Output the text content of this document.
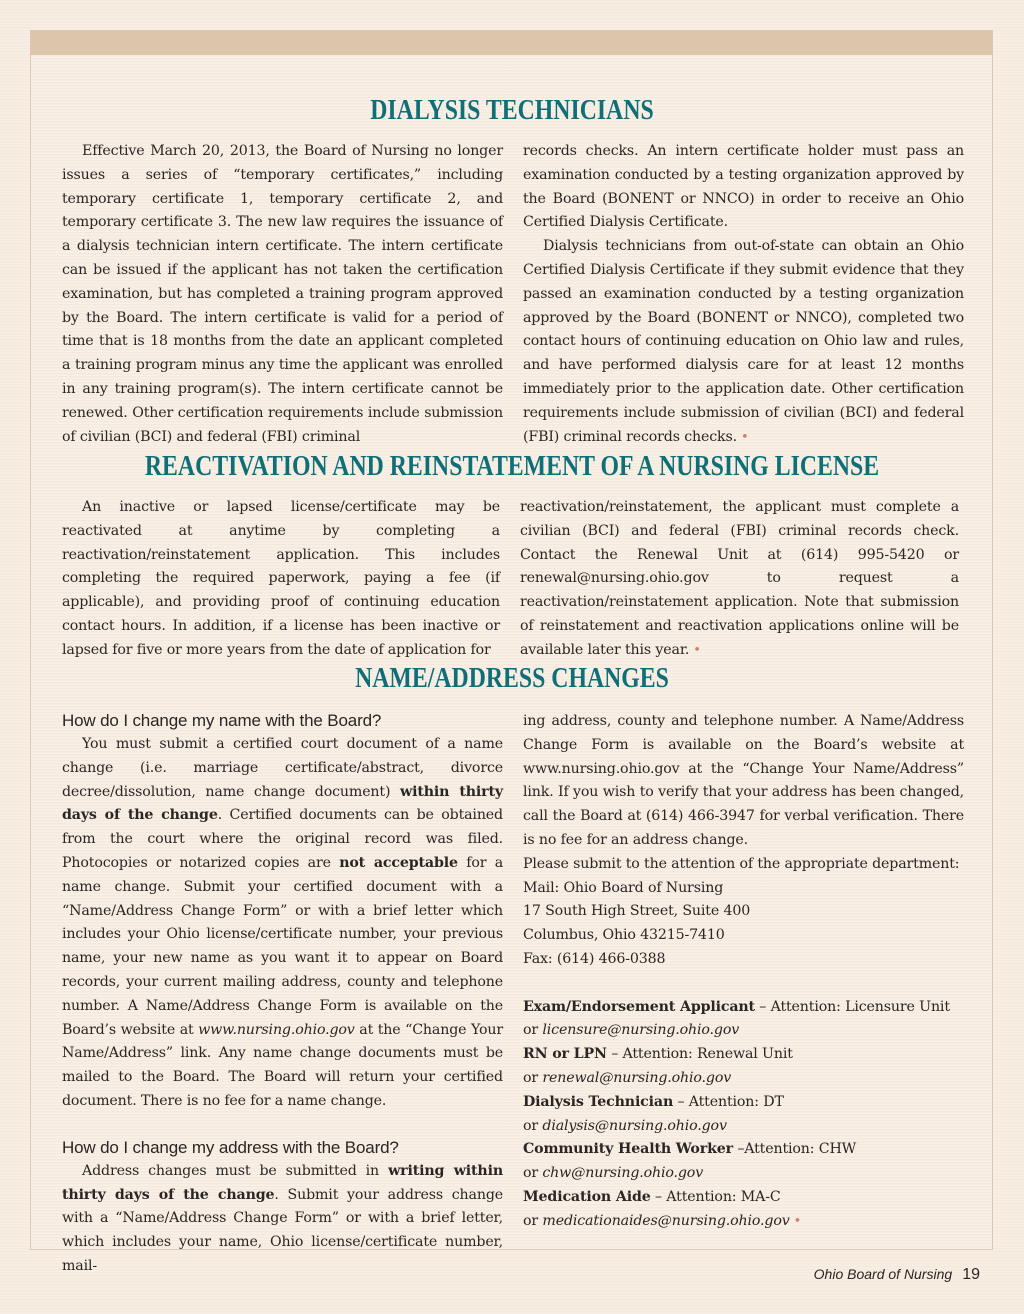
DIALYSIS TECHNICIANS

Effective March 20, 2013, the Board of Nursing no longer issues a series of “temporary certificates,” including temporary certificate 1, temporary certificate 2, and temporary certificate 3. The new law requires the issuance of a dialysis technician intern certificate. The intern certificate can be issued if the applicant has not taken the certification examination, but has completed a training program approved by the Board. The intern certificate is valid for a period of time that is 18 months from the date an applicant completed a training program minus any time the applicant was enrolled in any training program(s). The intern certificate cannot be renewed. Other certification requirements include submission of civilian (BCI) and federal (FBI) criminal

records checks. An intern certificate holder must pass an examination conducted by a testing organization approved by the Board (BONENT or NNCO) in order to receive an Ohio Certified Dialysis Certificate.

Dialysis technicians from out-of-state can obtain an Ohio Certified Dialysis Certificate if they submit evidence that they passed an examination conducted by a testing organization approved by the Board (BONENT or NNCO), completed two contact hours of continuing education on Ohio law and rules, and have performed dialysis care for at least 12 months immediately prior to the application date. Other certification requirements include submission of civilian (BCI) and federal (FBI) criminal records checks. •

REACTIVATION AND REINSTATEMENT OF A NURSING LICENSE

An inactive or lapsed license/certificate may be reactivated at anytime by completing a reactivation/reinstatement application. This includes completing the required paperwork, paying a fee (if applicable), and providing proof of continuing education contact hours. In addition, if a license has been inactive or lapsed for five or more years from the date of application for

reactivation/reinstatement, the applicant must complete a civilian (BCI) and federal (FBI) criminal records check. Contact the Renewal Unit at (614) 995-5420 or renewal@nursing.ohio.gov to request a reactivation/reinstatement application. Note that submission of reinstatement and reactivation applications online will be available later this year. •

NAME/ADDRESS CHANGES

How do I change my name with the Board?

You must submit a certified court document of a name change (i.e. marriage certificate/abstract, divorce decree/dissolution, name change document) within thirty days of the change. Certified documents can be obtained from the court where the original record was filed. Photocopies or notarized copies are not acceptable for a name change. Submit your certified document with a “Name/Address Change Form” or with a brief letter which includes your Ohio license/certificate number, your previous name, your new name as you want it to appear on Board records, your current mailing address, county and telephone number. A Name/Address Change Form is available on the Board’s website at www.nursing.ohio.gov at the “Change Your Name/Address” link. Any name change documents must be mailed to the Board. The Board will return your certified document. There is no fee for a name change.

How do I change my address with the Board?

Address changes must be submitted in writing within thirty days of the change. Submit your address change with a “Name/Address Change Form” or with a brief letter, which includes your name, Ohio license/certificate number, mail-

ing address, county and telephone number. A Name/Address Change Form is available on the Board’s website at www.nursing.ohio.gov at the “Change Your Name/Address” link. If you wish to verify that your address has been changed, call the Board at (614) 466-3947 for verbal verification. There is no fee for an address change.

Please submit to the attention of the appropriate department:

Mail: Ohio Board of Nursing

17 South High Street, Suite 400

Columbus, Ohio 43215-7410

Fax: (614) 466-0388

Exam/Endorsement Applicant – Attention: Licensure Unit

or licensure@nursing.ohio.gov

RN or LPN – Attention: Renewal Unit

or renewal@nursing.ohio.gov

Dialysis Technician – Attention: DT

or dialysis@nursing.ohio.gov

Community Health Worker –Attention: CHW

or chw@nursing.ohio.gov

Medication Aide – Attention: MA-C

or medicationaides@nursing.ohio.gov •

Ohio Board of Nursing 19
